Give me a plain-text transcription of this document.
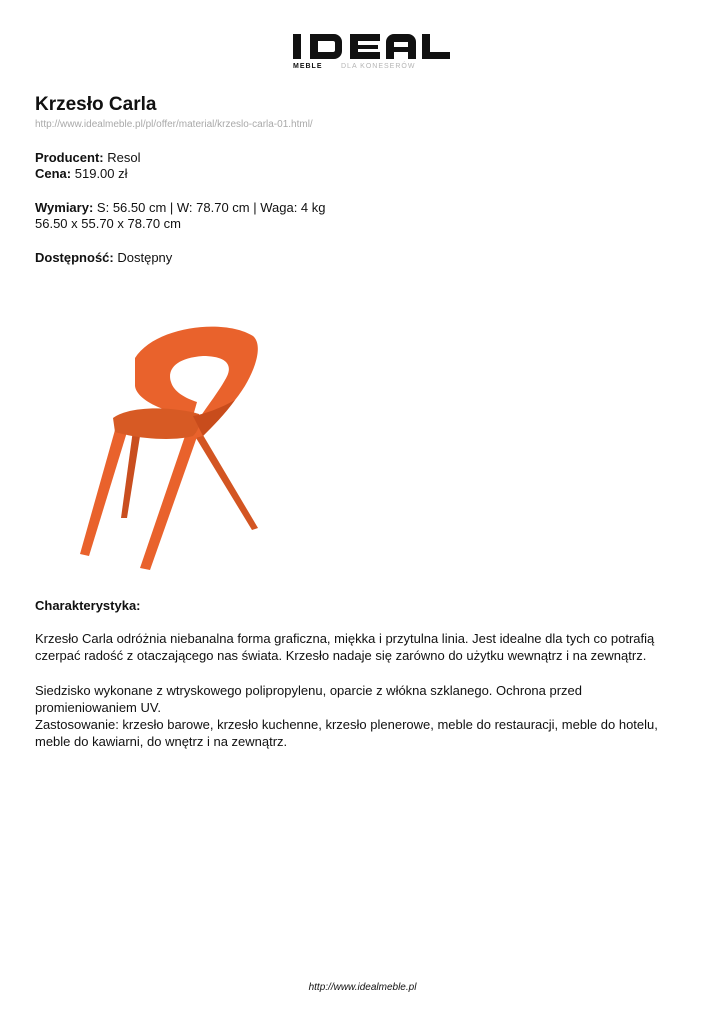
MEBLE	DLA KONESERÓW
Krzesło Carla
http://www.idealmeble.pl/pl/offer/material/krzeslo-carla-01.html/
Producent: Resol
Cena: 519.00 zł
Wymiary: S: 56.50 cm | W: 78.70 cm | Waga: 4 kg
56.50 x 55.70 x 78.70 cm
Dostępność: Dostępny
Charakterystyka:
Krzesło Carla odróżnia niebanalna forma graficzna, miękka i przytulna linia. Jest idealne dla tych co potrafią
czerpać radość z otaczającego nas świata. Krzesło nadaje się zarówno do użytku wewnątrz i na zewnątrz.
Siedzisko wykonane z wtryskowego polipropylenu, oparcie z włókna szklanego. Ochrona przed
promieniowaniem UV.
Zastosowanie: krzesło barowe, krzesło kuchenne, krzesło plenerowe, meble do restauracji, meble do hotelu,
meble do kawiarni, do wnętrz i na zewnątrz.
http://www.idealmeble.pl
